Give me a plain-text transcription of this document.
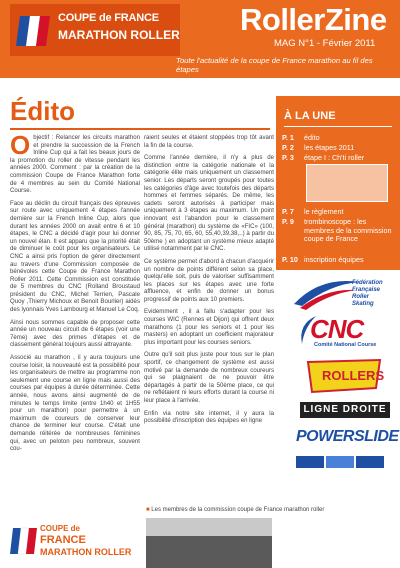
COUPE de FRANCE
MARATHON ROLLER RollerZine
MAG N°1 - Février 2011
Toute l'actualité de la coupe de France marathon au fil des étapes
Édito

Objectif : Relancer les circuits marathon et prendre la succession de la French Inline Cup qui a fait les beaux jours de la promotion du roller de vitesse pendant les années 2000. Comment : par la création de la commission Coupe de France Marathon forte de 4 membres au sein du Comité National Course.

Face au déclin du circuit français des épreuves sur route avec uniquement 4 étapes l'année dernière sur la French Inline Cup, alors que durant les années 2000 on avait entre 6 et 10 étapes, le CNC a décidé d'agir pour lui donner un nouvel élan. Il est apparu que la priorité était de diminuer le coût pour les organisateurs. Le CNC a ainsi pris l'option de gérer directement au travers d'une Commission composée de bénévoles cette Coupe de France Marathon Roller 2011. Cette Commission est constituée de 5 membres du CNC (Rolland Broustaud président du CNC, Michel Terrien, Pascale Quoy ,Thierry Michoux et Benoit Bourlier) aidés des lyonnais Yves Lambourg et Manuel Le Coq.

Ainsi nous sommes capable de proposer cette année un nouveau circuit de 6 étapes (voir une 7ème) avec des primes d'étapes et de classement général toujours aussi attrayante.

Associé au marathon , il y aura toujours une course loisir, la nouveauté est la possibilité pour les organisateurs de mettre au programme non seulement une course en ligne mais aussi des courses par équipes à durée déterminée. Cette année, nous avons ainsi augmenté de de minutes le temps limite (entre 1h40 et 1H55 pour un marathon) pour permettre à un maximum de coureurs de conserver leur chance de terminer leur course. C'était une demande réitérée de nombreuses féminines qui, avec un peloton peu nombreux, souvent cou-

raient seules et étaient stoppées trop tôt avant la fin de la course.

Comme l'année dernière, il n'y a plus de distinction entre la catégorie nationale et la catégorie élite mais uniquement un classement senior. Les départs seront groupés pour toutes les catégories d'âge avec toutefois des départs hommes et femmes séparés. De même, les cadets seront autorisés à participer mais uniquement à 3 étapes au maximum. Un point innovant est l'abandon pour le classement général (marathon) du système de «FIC» (100, 90, 85, 75, 70, 65, 60, 55,40,39,38,..) à partir du 50ème ) en adoptant un système mieux adapté utilisé notamment par le CNC.

Ce système permet d'abord à chacun d'acquérir un nombre de points différent selon sa place, quelqu'elle soit, puis de valoriser suffisamment les places sur les étapes avec une forte affluence, et enfin de donner un bonus progressif de points aux 10 premiers.

Evidemment , il a fallu s'adapter pour les courses WIC (Rennes et Dijon) qui offrent deux marathons (1 pour les seniors et 1 pour les masters) en adoptant un coefficient majorateur plus important pour les courses seniors.

Outre qu'il soit plus juste pour tous sur le plan sportif, ce changement de système est aussi motivé par la demande de nombreux coureurs qui se plaignaient de ne pouvoir être départagés à partir de la 50ème place, ce qui ne reflétaient ni leurs efforts durant la course ni leur place à l'arrivée.

Enfin via notre site internet, il y aura la possibilité d'inscription des équipes en ligne

■ Les membres de la commission coupe de France marathon roller
COUPE de
FRANCE
MARATHON ROLLER
À LA UNE
P. 1	édito
P. 2	les étapes 2011
P. 3	étape I : Ch'ti roller
P. 7	le règlement
P. 9	trombinoscope : les membres de la commission coupe de France
P. 10 inscription équipes
Fédération
Française
Roller
Skating
CNC
Comité National Course
ROLLERS
LIGNE DROITE
POWERSLIDE
